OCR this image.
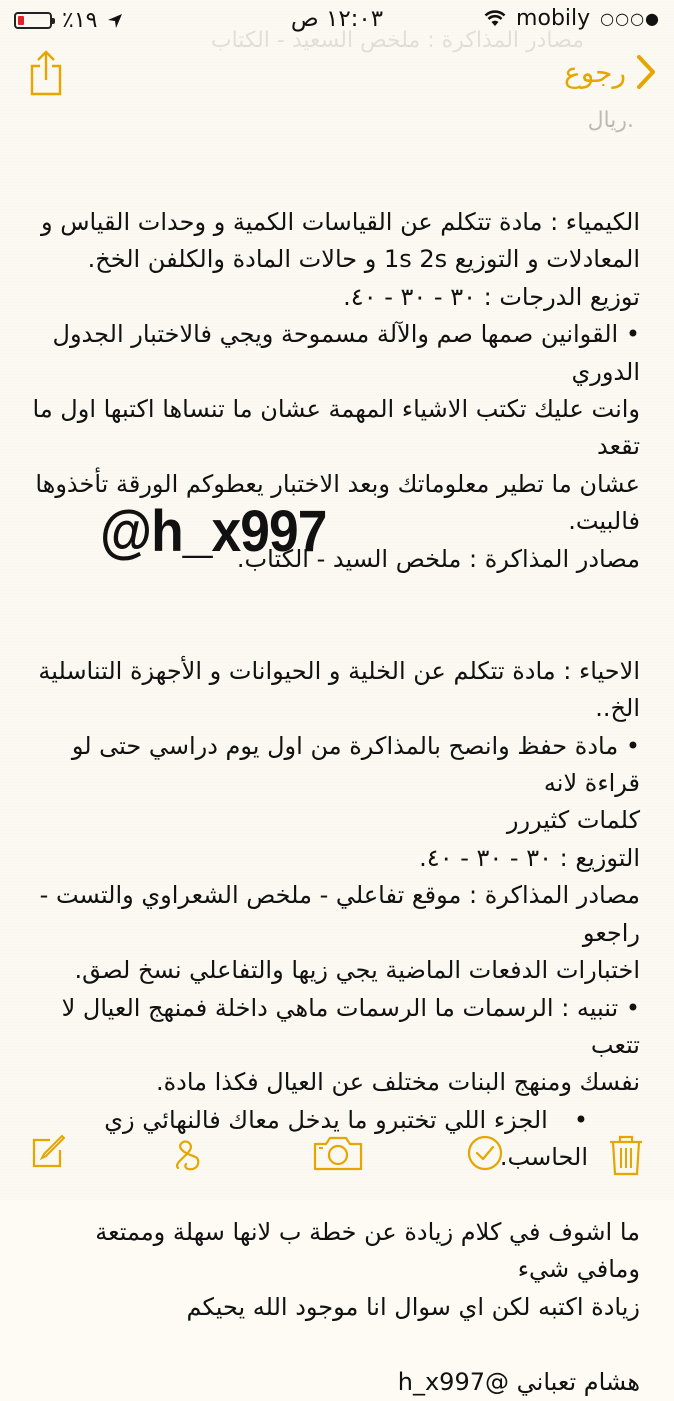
مصادر المذاكرة : ملخص السعيد - الكتاب
ريال.
٪١٩	١٢:٠٣ ص	mobily ○○○●
رجوع

الكيمياء : مادة تتكلم عن القياسات الكمية و وحدات القياس و

المعادلات و التوزيع 1s 2s و حالات المادة والكلفن الخخ.

توزيع الدرجات : ٣٠ - ٣٠ - ٤٠.

• القوانين صمها صم والآلة مسموحة ويجي فالاختبار الجدول الدوري

وانت عليك تكتب الاشياء المهمة عشان ما تنساها اكتبها اول ما تقعد

عشان ما تطير معلوماتك وبعد الاختبار يعطوكم الورقة تأخذوها

فالبيت.

مصادر المذاكرة : ملخص السيد - الكتاب.

الاحياء : مادة تتكلم عن الخلية و الحيوانات و الأجهزة التناسلية الخ..

• مادة حفظ وانصح بالمذاكرة من اول يوم دراسي حتى لو قراءة لانه

كلمات كثيررر

التوزيع : ٣٠ - ٣٠ - ٤٠.

مصادر المذاكرة : موقع تفاعلي - ملخص الشعراوي والتست - راجعو

اختبارات الدفعات الماضية يجي زيها والتفاعلي نسخ لصق.

• تنبيه : الرسمات ما الرسمات ماهي داخلة فمنهج العيال لا تتعب

نفسك ومنهج البنات مختلف عن العيال فكذا مادة.

• الجزء اللي تختبرو ما يدخل معاك فالنهائي زي الحاسب.

ما اشوف في كلام زيادة عن خطة ب لانها سهلة وممتعة ومافي شيء

زيادة اكتبه لكن اي سوال انا موجود الله يحيكم

هشام تعباني @h_x997

@h_x997
